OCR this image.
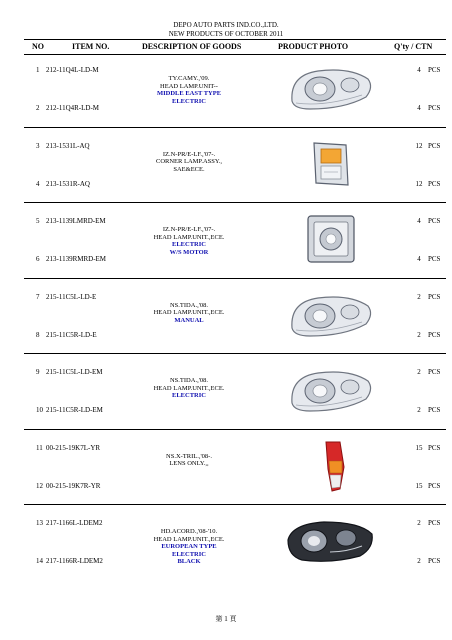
DEPO AUTO PARTS IND.CO.,LTD.
NEW PRODUCTS OF OCTOBER 2011
NO	ITEM NO.	DESCRIPTION OF GOODS	PRODUCT PHOTO	Q'ty / CTN
1 212-11Q4L-LD-M	4	PCS
2 212-11Q4R-LD-M	4	PCS
TY.CAMY.,'09.
HEAD LAMP.UNIT--
MIDDLE EAST TYPE
ELECTRIC
3 213-1531L-AQ	12 PCS
4 213-1531R-AQ	12 PCS
IZ.N-PR/E-LF.,'07-.
CORNER LAMP.ASSY.,
SAE&ECE.
5 213-1139LMRD-EM	4	PCS
6 213-1139RMRD-EM	4	PCS
IZ.N-PR/E-LF.,'07-.
HEAD LAMP.UNIT.,ECE.
ELECTRIC
W/S MOTOR
7 215-11C5L-LD-E	2	PCS
8 215-11C5R-LD-E	2	PCS
NS.TIDA.,'08.
HEAD LAMP.UNIT.,ECE.
MANUAL
9 215-11C5L-LD-EM	2	PCS
10 215-11C5R-LD-EM	2	PCS
NS.TIDA.,'08.
HEAD LAMP.UNIT.,ECE.
ELECTRIC
11 00-215-19K7L-YR	15 PCS
12 00-215-19K7R-YR	15 PCS
NS.X-TRIL.,'08-.
LENS ONLY.,,
13 217-1166L-LDEM2	2	PCS
14 217-1166R-LDEM2	2	PCS
HD.ACORD.,'08-'10.
HEAD LAMP.UNIT.,ECE.
EUROPEAN TYPE
ELECTRIC
BLACK
第 1 頁
